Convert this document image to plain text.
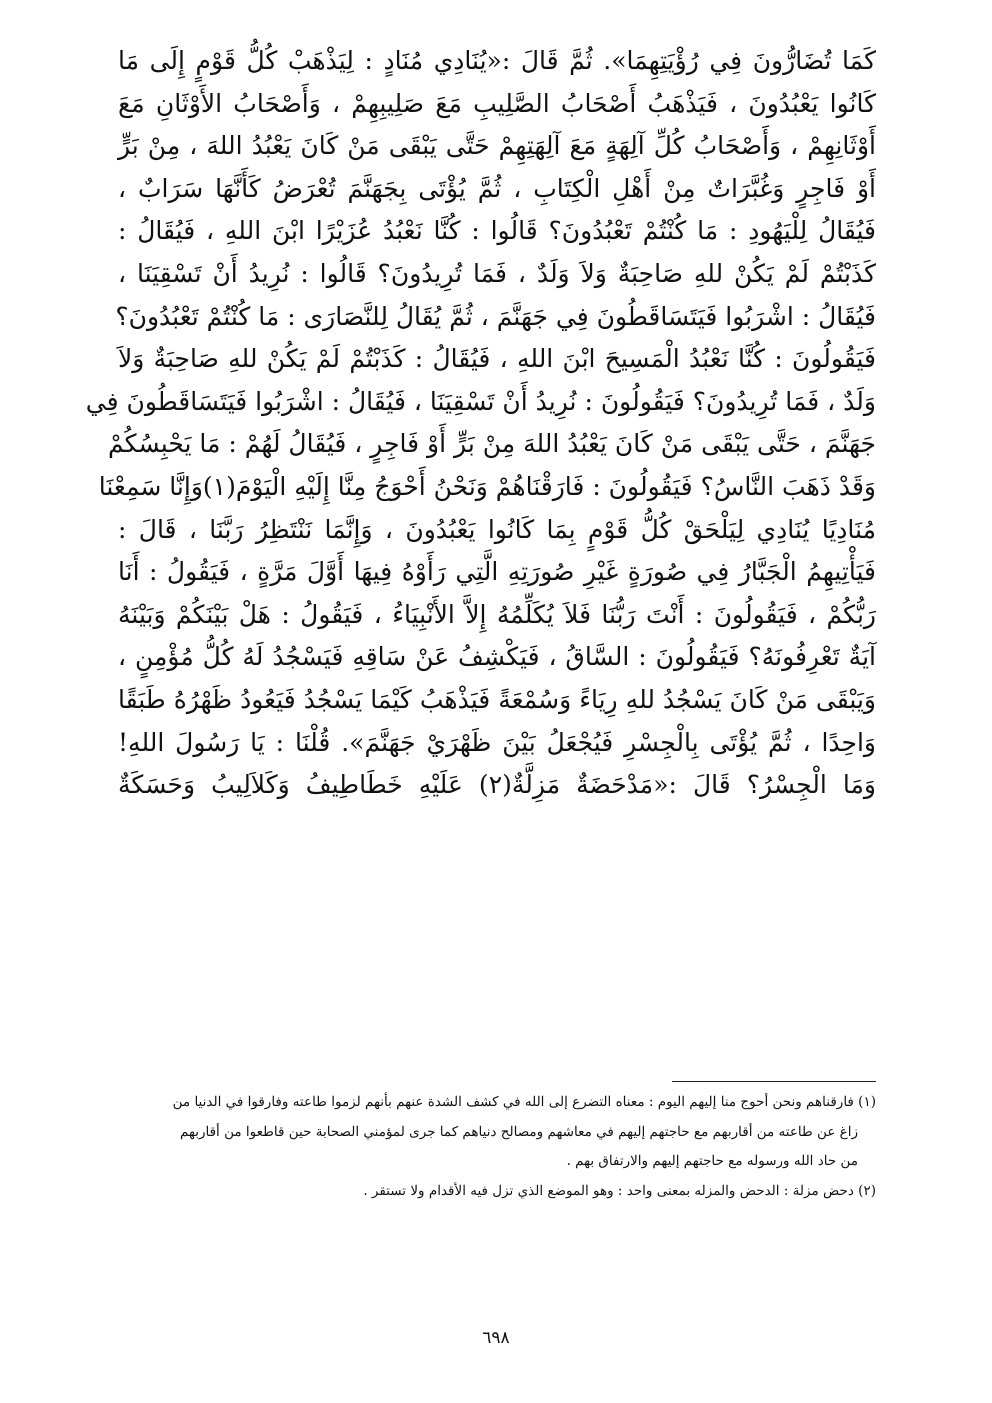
كَمَا تُضَارُّونَ فِي رُؤْيَتِهِمَا». ثُمَّ قَالَ :«يُنَادِي مُنَادٍ : لِيَذْهَبْ كُلُّ قَوْمٍ إِلَى مَا
كَانُوا يَعْبُدُونَ ، فَيَذْهَبُ أَصْحَابُ الصَّلِيبِ مَعَ صَلِيبِهِمْ ، وَأَصْحَابُ الأَوْثَانِ مَعَ
أَوْثَانِهِمْ ، وَأَصْحَابُ كُلِّ آلِهَةٍ مَعَ آلِهَتِهِمْ حَتَّى يَبْقَى مَنْ كَانَ يَعْبُدُ اللهَ ، مِنْ بَرٍّ
أَوْ فَاجِرٍ وَغُبَّرَاتٌ مِنْ أَهْلِ الْكِتَابِ ، ثُمَّ يُؤْتَى بِجَهَنَّمَ تُعْرَضُ كَأَنَّهَا سَرَابٌ ،
فَيُقَالُ لِلْيَهُودِ : مَا كُنْتُمْ تَعْبُدُونَ؟ قَالُوا : كُنَّا نَعْبُدُ عُزَيْرًا ابْنَ اللهِ ، فَيُقَالُ :
كَذَبْتُمْ لَمْ يَكُنْ للهِ صَاحِبَةٌ وَلاَ وَلَدٌ ، فَمَا تُرِيدُونَ؟ قَالُوا : نُرِيدُ أَنْ تَسْقِيَنَا ،
فَيُقَالُ : اشْرَبُوا فَيَتَسَاقَطُونَ فِي جَهَنَّمَ ، ثُمَّ يُقَالُ لِلنَّصَارَى : مَا كُنْتُمْ تَعْبُدُونَ؟
فَيَقُولُونَ : كُنَّا نَعْبُدُ الْمَسِيحَ ابْنَ اللهِ ، فَيُقَالُ : كَذَبْتُمْ لَمْ يَكُنْ للهِ صَاحِبَةٌ وَلاَ
وَلَدٌ ، فَمَا تُرِيدُونَ؟ فَيَقُولُونَ : نُرِيدُ أَنْ تَسْقِيَنَا ، فَيُقَالُ : اشْرَبُوا فَيَتَسَاقَطُونَ فِي
جَهَنَّمَ ، حَتَّى يَبْقَى مَنْ كَانَ يَعْبُدُ اللهَ مِنْ بَرٍّ أَوْ فَاجِرٍ ، فَيُقَالُ لَهُمْ : مَا يَحْبِسُكُمْ
وَقَدْ ذَهَبَ النَّاسُ؟ فَيَقُولُونَ : فَارَقْنَاهُمْ وَنَحْنُ أَحْوَجُ مِنَّا إِلَيْهِ الْيَوْمَ(١)وَإِنَّا سَمِعْنَا
مُنَادِيًا يُنَادِي لِيَلْحَقْ كُلُّ قَوْمٍ بِمَا كَانُوا يَعْبُدُونَ ، وَإِنَّمَا نَنْتَظِرُ رَبَّنَا ، قَالَ :
فَيَأْتِيهِمُ الْجَبَّارُ فِي صُورَةٍ غَيْرِ صُورَتِهِ الَّتِي رَأَوْهُ فِيهَا أَوَّلَ مَرَّةٍ ، فَيَقُولُ : أَنَا
رَبُّكُمْ ، فَيَقُولُونَ : أَنْتَ رَبُّنَا فَلاَ يُكَلِّمُهُ إِلاَّ الأَنْبِيَاءُ ، فَيَقُولُ : هَلْ بَيْنَكُمْ وَبَيْنَهُ
آيَةٌ تَعْرِفُونَهُ؟ فَيَقُولُونَ : السَّاقُ ، فَيَكْشِفُ عَنْ سَاقِهِ فَيَسْجُدُ لَهُ كُلُّ مُؤْمِنٍ ،
وَيَبْقَى مَنْ كَانَ يَسْجُدُ للهِ رِيَاءً وَسُمْعَةً فَيَذْهَبُ كَيْمَا يَسْجُدُ فَيَعُودُ ظَهْرُهُ طَبَقًا
وَاحِدًا ، ثُمَّ يُؤْتَى بِالْجِسْرِ فَيُجْعَلُ بَيْنَ ظَهْرَيْ جَهَنَّمَ». قُلْنَا : يَا رَسُولَ اللهِ!
وَمَا الْجِسْرُ؟ قَالَ :«مَدْحَضَةٌ مَزِلَّةٌ(٢) عَلَيْهِ خَطَاطِيفُ وَكَلاَلِيبُ وَحَسَكَةٌ
(١) فارقناهم ونحن أحوج منا إليهم اليوم : معناه التضرع إلى الله في كشف الشدة عنهم بأنهم لزموا طاعته وفارقوا في الدنيا من
زاغ عن طاعته من أقاربهم مع حاجتهم إليهم في معاشهم ومصالح دنياهم كما جرى لمؤمني الصحابة حين قاطعوا من أقاربهم
من حاد الله ورسوله مع حاجتهم إليهم والارتفاق بهم .
(٢) دحض مزلة : الدحض والمزله بمعنى واحد : وهو الموضع الذي تزل فيه الأقدام ولا تستقر .
٦٩٨
